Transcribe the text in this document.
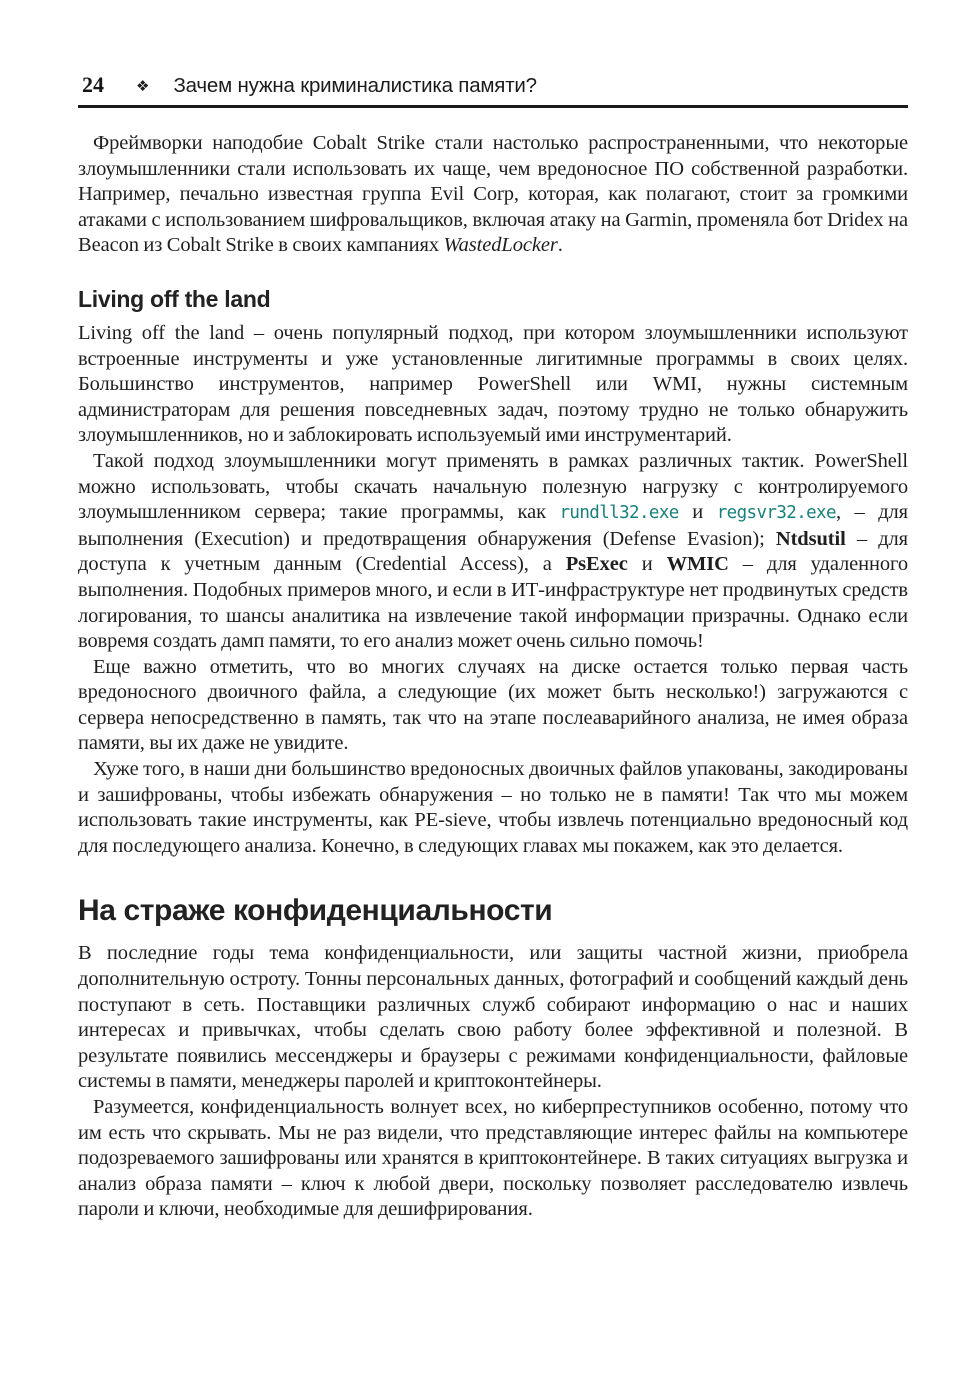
24 ❖ Зачем нужна криминалистика памяти?

Фреймворки наподобие Cobalt Strike стали настолько распространенными, что некоторые злоумышленники стали использовать их чаще, чем вредоносное ПО собственной разработки. Например, печально известная группа Evil Corp, которая, как полагают, стоит за громкими атаками с использованием шифровальщиков, включая атаку на Garmin, променяла бот Dridex на Beacon из Cobalt Strike в своих кампаниях WastedLocker.

Living off the land

Living off the land – очень популярный подход, при котором злоумышленники используют встроенные инструменты и уже установленные лигитимные программы в своих целях. Большинство инструментов, например PowerShell или WMI, нужны системным администраторам для решения повседневных задач, поэтому трудно не только обнаружить злоумышленников, но и заблокировать используемый ими инструментарий.

Такой подход злоумышленники могут применять в рамках различных тактик. PowerShell можно использовать, чтобы скачать начальную полезную нагрузку с контролируемого злоумышленником сервера; такие программы, как rundll32.exe и regsvr32.exe, – для выполнения (Execution) и предотвращения обнаружения (Defense Evasion); Ntdsutil – для доступа к учетным данным (Credential Access), а PsExec и WMIC – для удаленного выполнения. Подобных примеров много, и если в ИТ-инфраструктуре нет продвинутых средств логирования, то шансы аналитика на извлечение такой информации призрачны. Однако если вовремя создать дамп памяти, то его анализ может очень сильно помочь!

Еще важно отметить, что во многих случаях на диске остается только первая часть вредоносного двоичного файла, а следующие (их может быть несколько!) загружаются с сервера непосредственно в память, так что на этапе послеаварийного анализа, не имея образа памяти, вы их даже не увидите.

Хуже того, в наши дни большинство вредоносных двоичных файлов упакованы, закодированы и зашифрованы, чтобы избежать обнаружения – но только не в памяти! Так что мы можем использовать такие инструменты, как PE-sieve, чтобы извлечь потенциально вредоносный код для последующего анализа. Конечно, в следующих главах мы покажем, как это делается.

На страже конфиденциальности

В последние годы тема конфиденциальности, или защиты частной жизни, приобрела дополнительную остроту. Тонны персональных данных, фотографий и сообщений каждый день поступают в сеть. Поставщики различных служб собирают информацию о нас и наших интересах и привычках, чтобы сделать свою работу более эффективной и полезной. В результате появились мессенджеры и браузеры с режимами конфиденциальности, файловые системы в памяти, менеджеры паролей и криптоконтейнеры.

Разумеется, конфиденциальность волнует всех, но киберпреступников особенно, потому что им есть что скрывать. Мы не раз видели, что представляющие интерес файлы на компьютере подозреваемого зашифрованы или хранятся в криптоконтейнере. В таких ситуациях выгрузка и анализ образа памяти – ключ к любой двери, поскольку позволяет расследователю извлечь пароли и ключи, необходимые для дешифрирования.
